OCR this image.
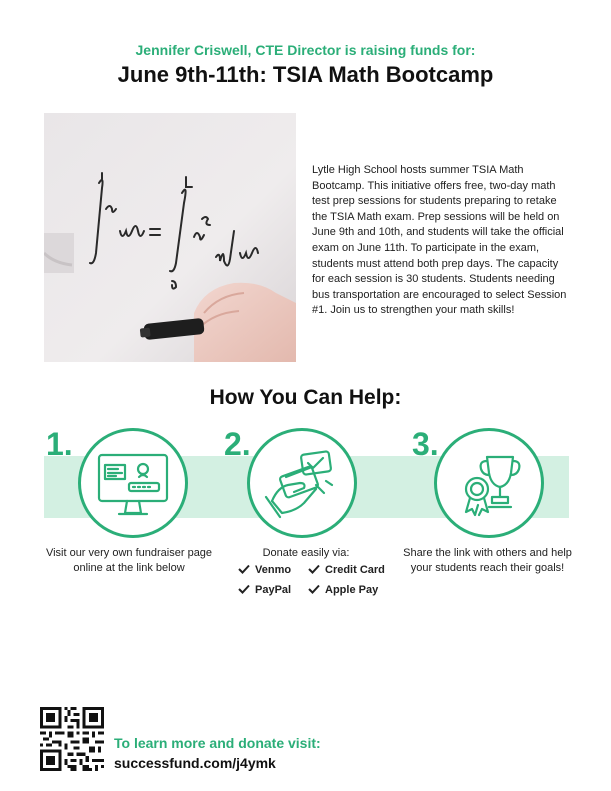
Jennifer Criswell, CTE Director is raising funds for:
June 9th-11th: TSIA Math Bootcamp
Lytle High School hosts summer TSIA Math Bootcamp. This initiative offers free, two-day math test prep sessions for students preparing to retake the TSIA Math exam. Prep sessions will be held on June 9th and 10th, and students will take the official exam on June 11th. To participate in the exam, students must attend both prep days. The capacity for each session is 30 students. Students needing bus transportation are encouraged to select Session #1. Join us to strengthen your math skills!
How You Can Help:
1.
Visit our very own fundraiser page online at the link below
2.
Donate easily via:
Venmo	Credit Card
PayPal	Apple Pay
3.
Share the link with others and help your students reach their goals!
To learn more and donate visit:
successfund.com/j4ymk
